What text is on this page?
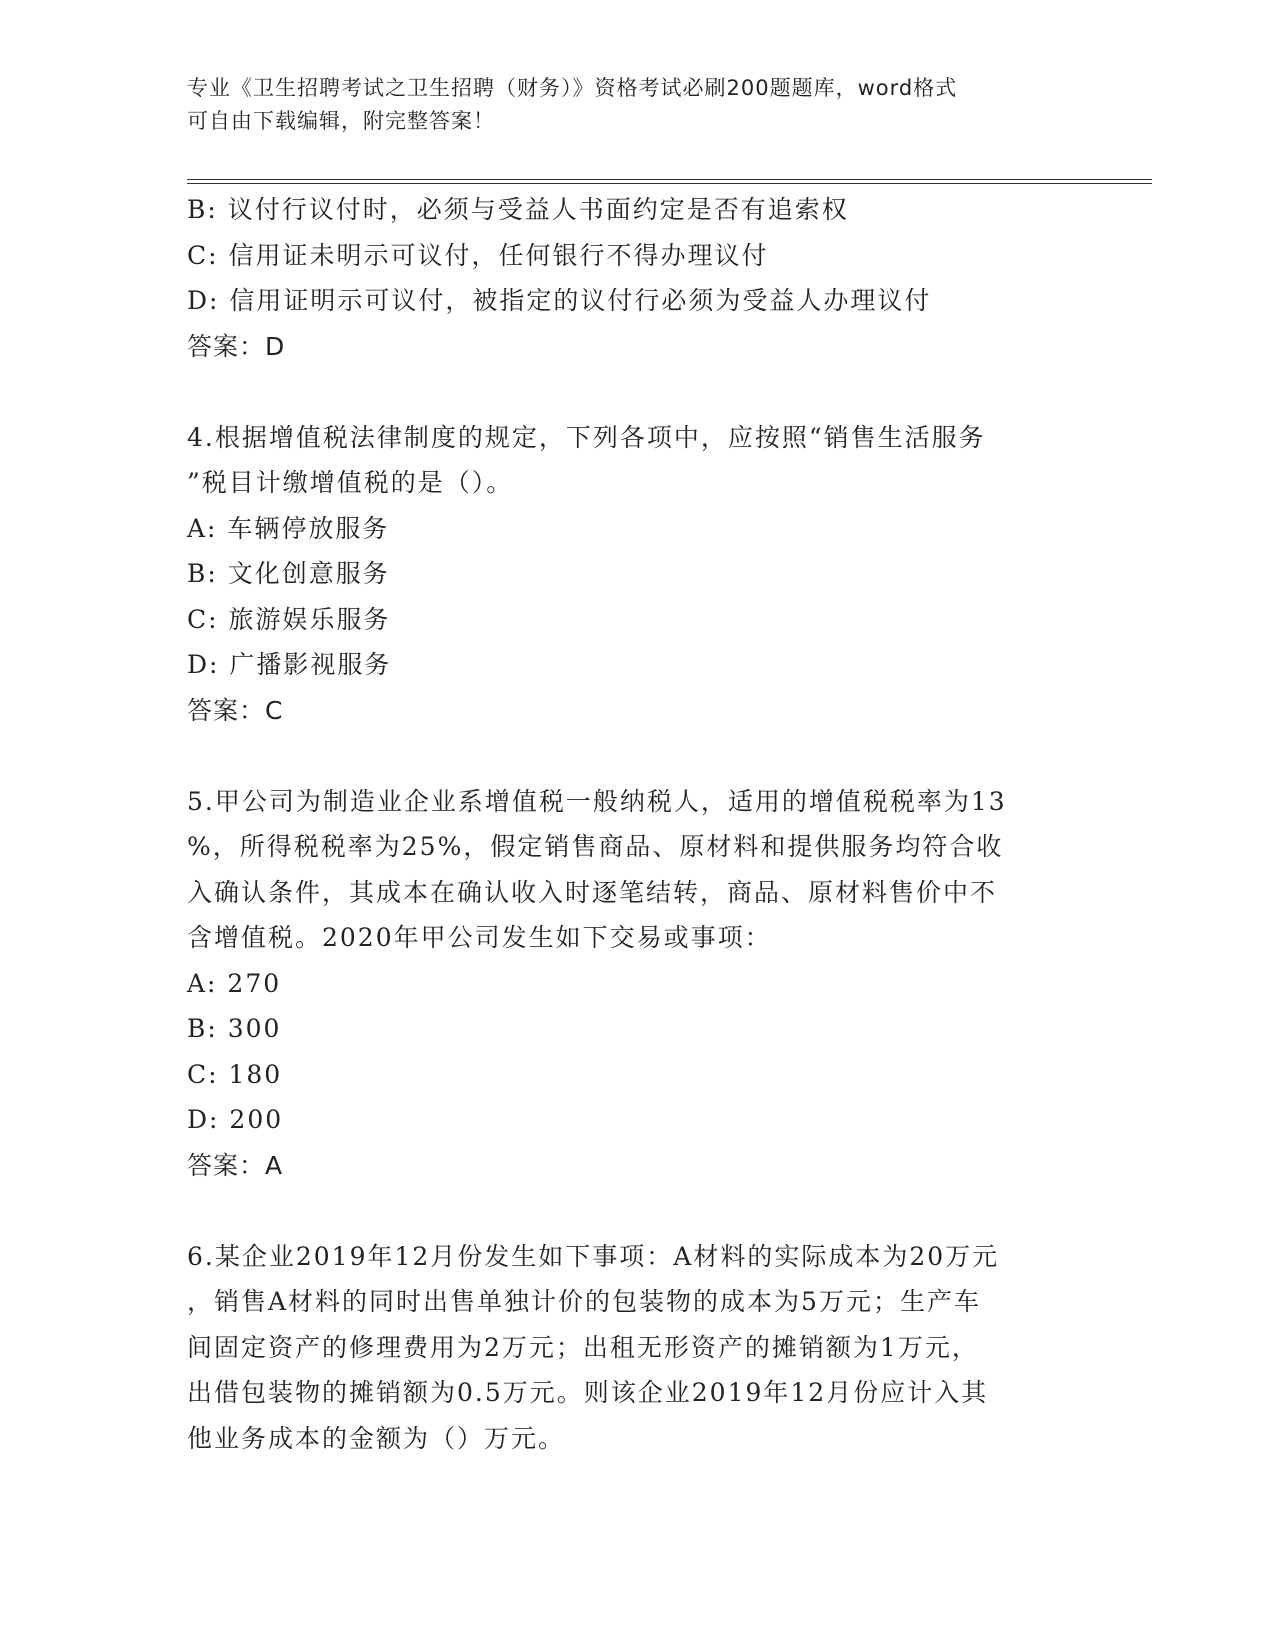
专业《卫生招聘考试之卫生招聘（财务）》资格考试必刷200题题库，word格式
可自由下载编辑，附完整答案！
B: 议付行议付时，必须与受益人书面约定是否有追索权
C: 信用证未明示可议付，任何银行不得办理议付
D: 信用证明示可议付，被指定的议付行必须为受益人办理议付
答案：D
4.根据增值税法律制度的规定，下列各项中，应按照“销售生活服务
”税目计缴增值税的是（）。
A: 车辆停放服务
B: 文化创意服务
C: 旅游娱乐服务
D: 广播影视服务
答案：C
5.甲公司为制造业企业系增值税一般纳税人，适用的增值税税率为13
%，所得税税率为25%，假定销售商品、原材料和提供服务均符合收
入确认条件，其成本在确认收入时逐笔结转，商品、原材料售价中不
含增值税。2020年甲公司发生如下交易或事项：
A: 270
B: 300
C: 180
D: 200
答案：A
6.某企业2019年12月份发生如下事项：A材料的实际成本为20万元
，销售A材料的同时出售单独计价的包装物的成本为5万元；生产车
间固定资产的修理费用为2万元；出租无形资产的摊销额为1万元，
出借包装物的摊销额为0.5万元。则该企业2019年12月份应计入其
他业务成本的金额为（）万元。
